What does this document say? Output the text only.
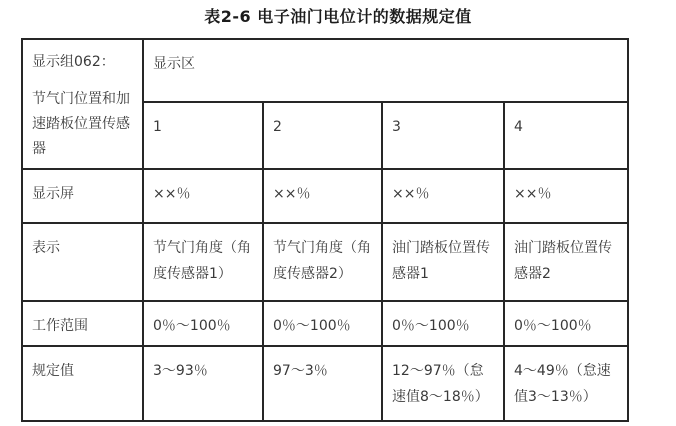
表2-6 电子油门电位计的数据规定值

显示组062：

节气门位置和加速踏板位置传感器	显示区			
	1	2	3	4
显示屏	××％	××％	××％	××％
表示	节气门角度（角度传感器1）	节气门角度（角度传感器2）	油门踏板位置传感器1	油门踏板位置传感器2
工作范围	0％～100％	0％～100％	0％～100％	0％～100％
规定值	3～93％	97～3％	12～97％（怠速值8～18％）	4～49％（怠速值3～13％）
